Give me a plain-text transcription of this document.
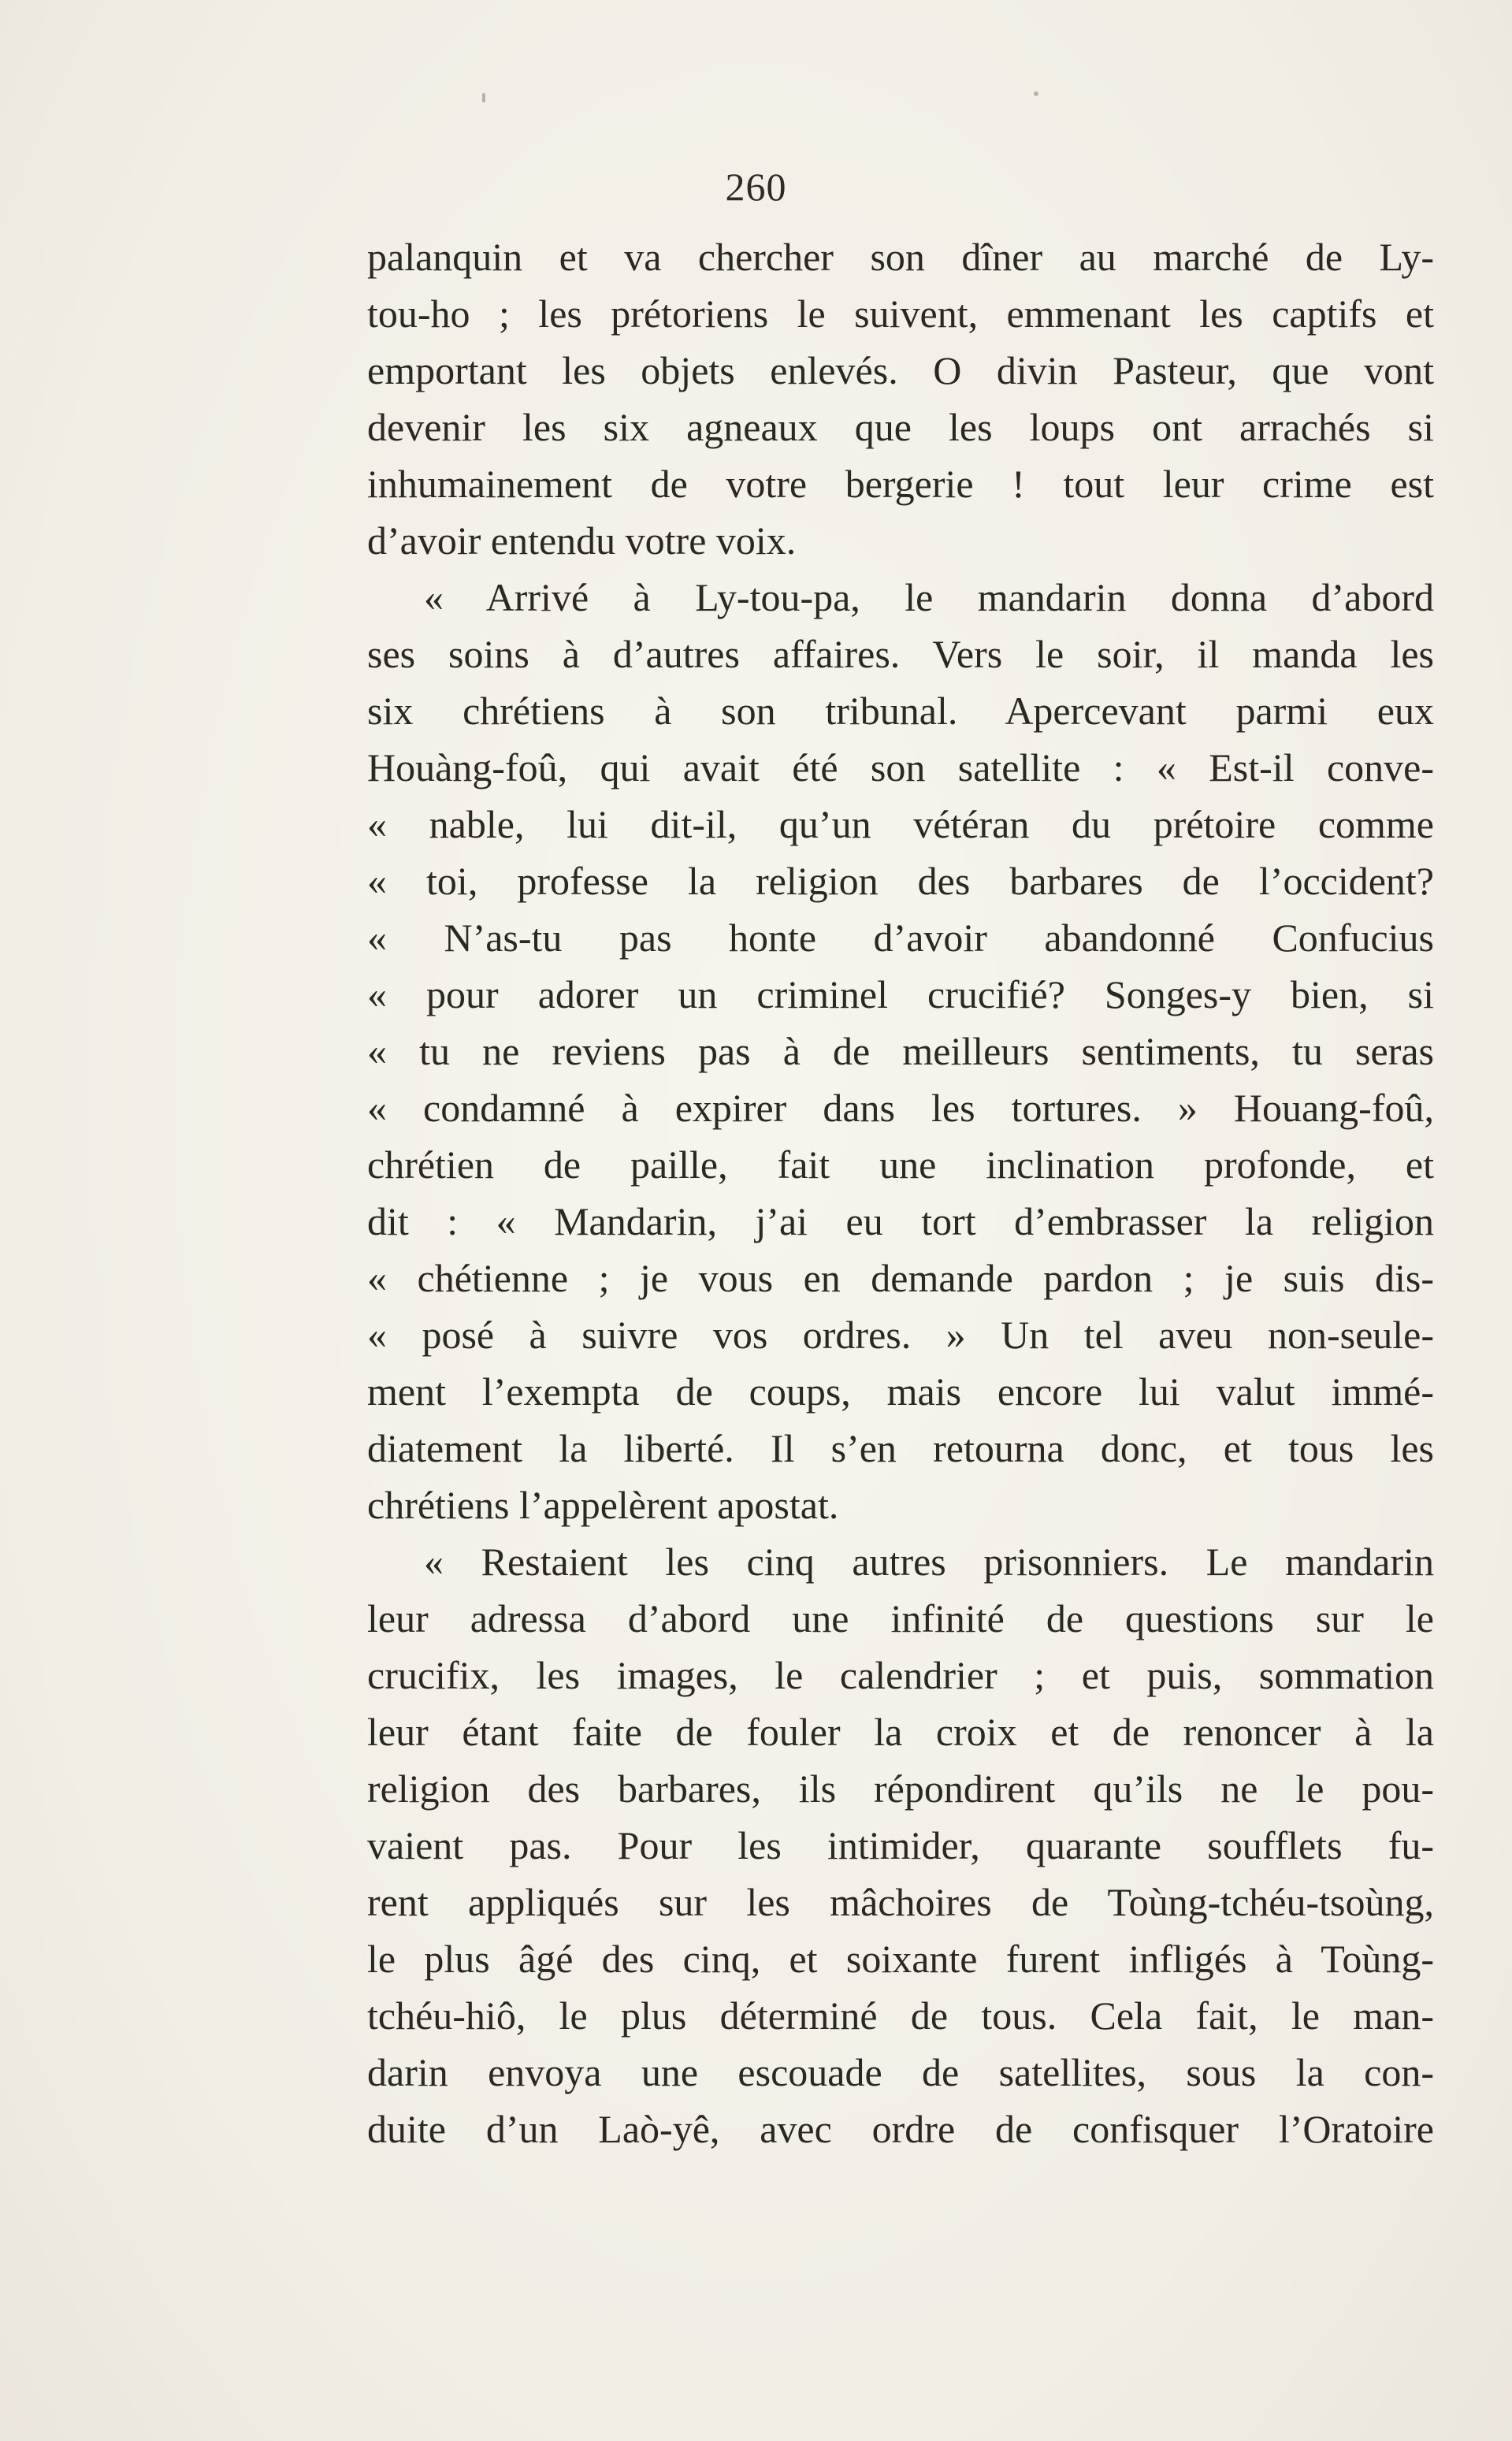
260
palanquin et va chercher son dîner au marché de Ly-
tou-ho ; les prétoriens le suivent, emmenant les captifs et
emportant les objets enlevés. O divin Pasteur, que vont
devenir les six agneaux que les loups ont arrachés si
inhumainement de votre bergerie ! tout leur crime est
d’avoir entendu votre voix.
« Arrivé à Ly-tou-pa, le mandarin donna d’abord
ses soins à d’autres affaires. Vers le soir, il manda les
six chrétiens à son tribunal. Apercevant parmi eux
Houàng-foû, qui avait été son satellite : « Est-il conve-
« nable, lui dit-il, qu’un vétéran du prétoire comme
« toi, professe la religion des barbares de l’occident?
« N’as-tu pas honte d’avoir abandonné Confucius
« pour adorer un criminel crucifié? Songes-y bien, si
« tu ne reviens pas à de meilleurs sentiments, tu seras
« condamné à expirer dans les tortures. » Houang-foû,
chrétien de paille, fait une inclination profonde, et
dit : « Mandarin, j’ai eu tort d’embrasser la religion
« chétienne ; je vous en demande pardon ; je suis dis-
« posé à suivre vos ordres. » Un tel aveu non-seule-
ment l’exempta de coups, mais encore lui valut immé-
diatement la liberté. Il s’en retourna donc, et tous les
chrétiens l’appelèrent apostat.
« Restaient les cinq autres prisonniers. Le mandarin
leur adressa d’abord une infinité de questions sur le
crucifix, les images, le calendrier ; et puis, sommation
leur étant faite de fouler la croix et de renoncer à la
religion des barbares, ils répondirent qu’ils ne le pou-
vaient pas. Pour les intimider, quarante soufflets fu-
rent appliqués sur les mâchoires de Toùng-tchéu-tsoùng,
le plus âgé des cinq, et soixante furent infligés à Toùng-
tchéu-hiô, le plus déterminé de tous. Cela fait, le man-
darin envoya une escouade de satellites, sous la con-
duite d’un Laò-yê, avec ordre de confisquer l’Oratoire
